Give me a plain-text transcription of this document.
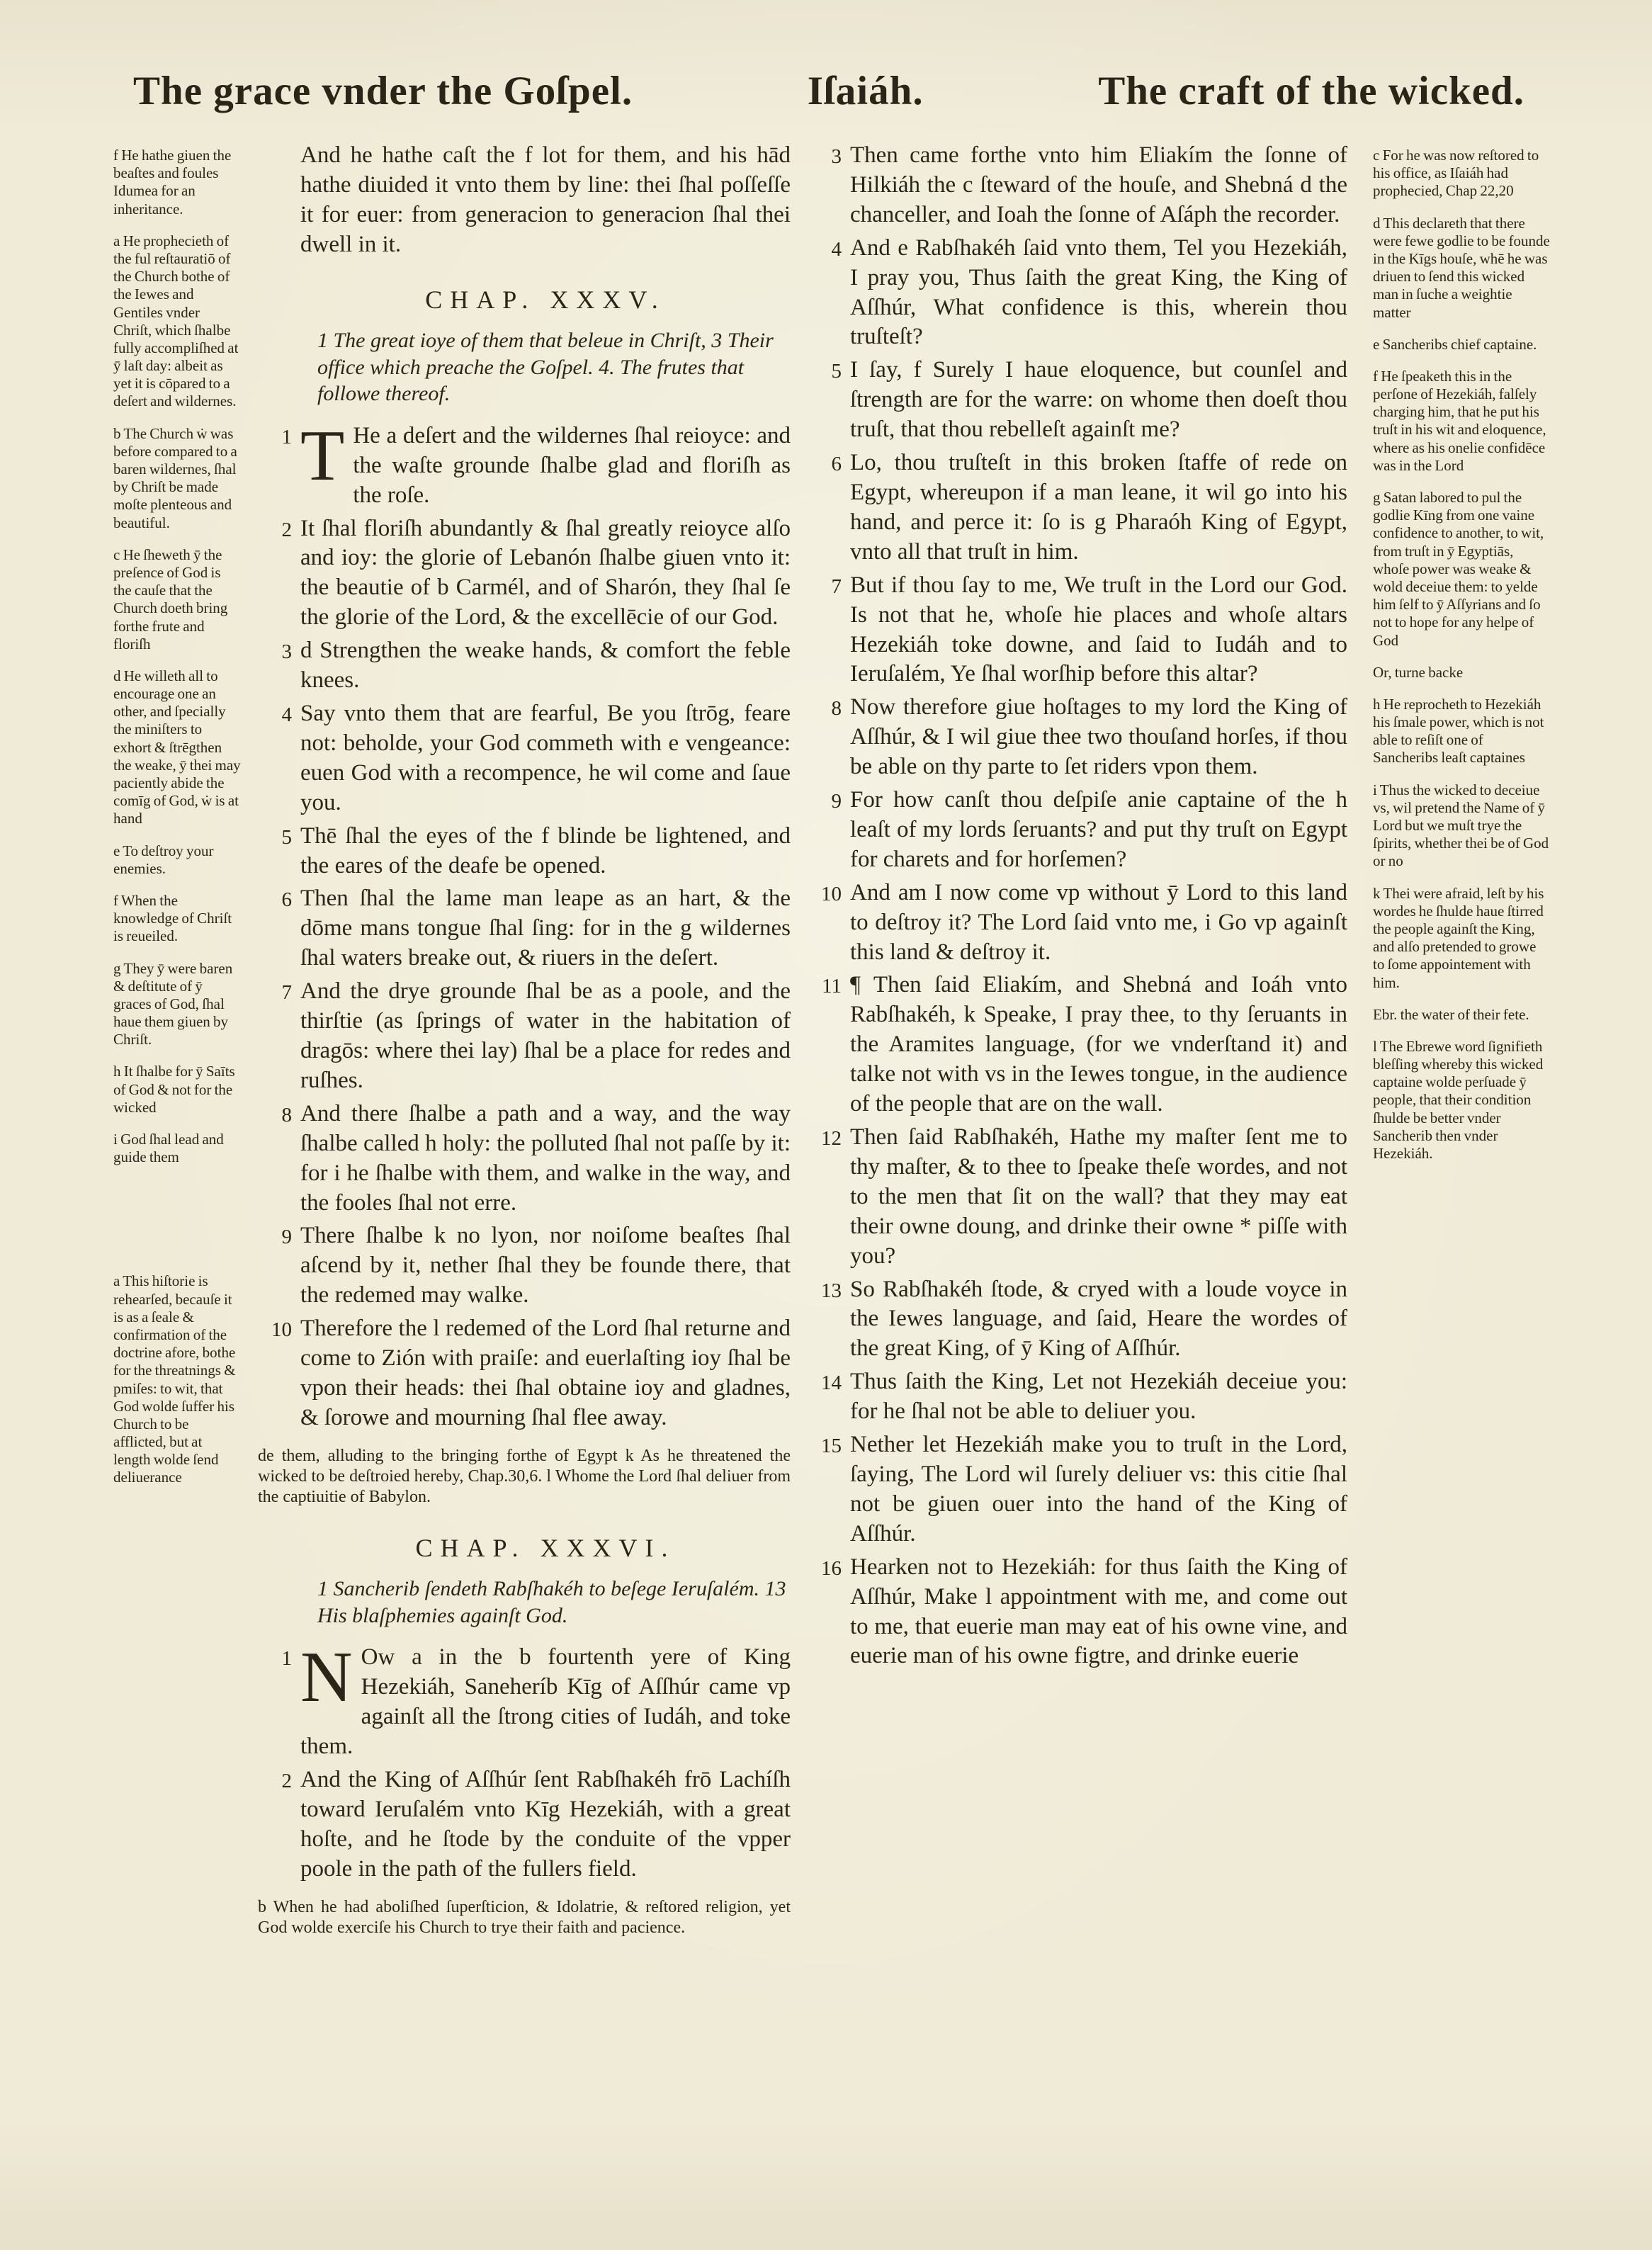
The grace vnder the Goſpel.	Iſaiáh.	The craft of the wicked.

f He hathe giuen the beaſtes and foules Idumea for an inheritance.

a He prophecieth of the ful reſtauratiō of the Church bothe of the Iewes and Gentiles vnder Chriſt, which ſhalbe fully accompliſhed at ȳ laſt day: albeit as yet it is cōpared to a deſert and wildernes.

b The Church ẇ was before compared to a baren wildernes, ſhal by Chriſt be made moſte plenteous and beautiful.

c He ſheweth ȳ the preſence of God is the cauſe that the Church doeth bring forthe frute and floriſh

d He willeth all to encourage one an other, and ſpecially the miniſters to exhort & ſtrēgthen the weake, ȳ thei may paciently abide the comīg of God, ẇ is at hand

e To deſtroy your enemies.

f When the knowledge of Chriſt is reueiled.

g They ȳ were baren & deſtitute of ȳ graces of God, ſhal haue them giuen by Chriſt.

h It ſhalbe for ȳ Saīts of God & not for the wicked

i God ſhal lead and guide them

a This hiſtorie is rehearſed, becauſe it is as a ſeale & confirmation of the doctrine afore, bothe for the threatnings & pmiſes: to wit, that God wolde ſuffer his Church to be afflicted, but at length wolde ſend deliuerance

And he hathe caſt the f lot for them, and his hād hathe diuided it vnto them by line: thei ſhal poſſeſſe it for euer: from generacion to generacion ſhal thei dwell in it.

CHAP. XXXV.

1 The great ioye of them that beleue in Chriſt, 3 Their office which preache the Goſpel. 4. The frutes that followe thereof.

1 T He a deſert and the wildernes ſhal reioyce: and the waſte grounde ſhalbe glad and floriſh as the roſe.

2 It ſhal floriſh abundantly & ſhal greatly reioyce alſo and ioy: the glorie of Lebanón ſhalbe giuen vnto it: the beautie of b Carmél, and of Sharón, they ſhal ſe the glorie of the Lord, & the excellēcie of our God.

3 d Strengthen the weake hands, & comfort the feble knees.

4 Say vnto them that are fearful, Be you ſtrōg, feare not: beholde, your God commeth with e vengeance: euen God with a recompence, he wil come and ſaue you.

5 Thē ſhal the eyes of the f blinde be lightened, and the eares of the deafe be opened.

6 Then ſhal the lame man leape as an hart, & the dōme mans tongue ſhal ſing: for in the g wildernes ſhal waters breake out, & riuers in the deſert.

7 And the drye grounde ſhal be as a poole, and the thirſtie (as ſprings of water in the habitation of dragōs: where thei lay) ſhal be a place for redes and ruſhes.

8 And there ſhalbe a path and a way, and the way ſhalbe called h holy: the polluted ſhal not paſſe by it: for i he ſhalbe with them, and walke in the way, and the fooles ſhal not erre.

9 There ſhalbe k no lyon, nor noiſome beaſtes ſhal aſcend by it, nether ſhal they be founde there, that the redemed may walke.

10 Therefore the l redemed of the Lord ſhal returne and come to Zión with praiſe: and euerlaſting ioy ſhal be vpon their heads: thei ſhal obtaine ioy and gladnes, & ſorowe and mourning ſhal flee away.

de them, alluding to the bringing forthe of Egypt k As he threatened the wicked to be deſtroied hereby, Chap.30,6. l Whome the Lord ſhal deliuer from the captiuitie of Babylon.

CHAP. XXXVI.

1 Sancherib ſendeth Rabſhakéh to beſege Ieruſalém. 13 His blaſphemies againſt God.

1 N Ow a in the b fourtenth yere of King Hezekiáh, Saneheríb Kīg of Aſſhúr came vp againſt all the ſtrong cities of Iudáh, and toke them.

2 And the King of Aſſhúr ſent Rabſhakéh frō Lachíſh toward Ieruſalém vnto Kīg Hezekiáh, with a great hoſte, and he ſtode by the conduite of the vpper poole in the path of the fullers field.

b When he had aboliſhed ſuperſticion, & Idolatrie, & reſtored religion, yet God wolde exerciſe his Church to trye their faith and pacience.

3 Then came forthe vnto him Eliakím the ſonne of Hilkiáh the c ſteward of the houſe, and Shebná d the chanceller, and Ioah the ſonne of Aſáph the recorder.

4 And e Rabſhakéh ſaid vnto them, Tel you Hezekiáh, I pray you, Thus ſaith the great King, the King of Aſſhúr, What confidence is this, wherein thou truſteſt?

5 I ſay, f Surely I haue eloquence, but counſel and ſtrength are for the warre: on whome then doeſt thou truſt, that thou rebelleſt againſt me?

6 Lo, thou truſteſt in this broken ſtaffe of rede on Egypt, whereupon if a man leane, it wil go into his hand, and perce it: ſo is g Pharaóh King of Egypt, vnto all that truſt in him.

7 But if thou ſay to me, We truſt in the Lord our God. Is not that he, whoſe hie places and whoſe altars Hezekiáh toke downe, and ſaid to Iudáh and to Ieruſalém, Ye ſhal worſhip before this altar?

8 Now therefore giue hoſtages to my lord the King of Aſſhúr, & I wil giue thee two thouſand horſes, if thou be able on thy parte to ſet riders vpon them.

9 For how canſt thou deſpiſe anie captaine of the h leaſt of my lords ſeruants? and put thy truſt on Egypt for charets and for horſemen?

10 And am I now come vp without ȳ Lord to this land to deſtroy it? The Lord ſaid vnto me, i Go vp againſt this land & deſtroy it.

11 ¶ Then ſaid Eliakím, and Shebná and Ioáh vnto Rabſhakéh, k Speake, I pray thee, to thy ſeruants in the Aramites language, (for we vnderſtand it) and talke not with vs in the Iewes tongue, in the audience of the people that are on the wall.

12 Then ſaid Rabſhakéh, Hathe my maſter ſent me to thy maſter, & to thee to ſpeake theſe wordes, and not to the men that ſit on the wall? that they may eat their owne doung, and drinke their owne * piſſe with you?

13 So Rabſhakéh ſtode, & cryed with a loude voyce in the Iewes language, and ſaid, Heare the wordes of the great King, of ȳ King of Aſſhúr.

14 Thus ſaith the King, Let not Hezekiáh deceiue you: for he ſhal not be able to deliuer you.

15 Nether let Hezekiáh make you to truſt in the Lord, ſaying, The Lord wil ſurely deliuer vs: this citie ſhal not be giuen ouer into the hand of the King of Aſſhúr.

16 Hearken not to Hezekiáh: for thus ſaith the King of Aſſhúr, Make l appointment with me, and come out to me, that euerie man may eat of his owne vine, and euerie man of his owne figtre, and drinke euerie

c For he was now reſtored to his office, as Iſaiáh had prophecied, Chap 22,20

d This declareth that there were fewe godlie to be founde in the Kīgs houſe, whē he was driuen to ſend this wicked man in ſuche a weightie matter

e Sancheribs chief captaine.

f He ſpeaketh this in the perſone of Hezekiáh, falſely charging him, that he put his truſt in his wit and eloquence, where as his onelie confidēce was in the Lord

g Satan labored to pul the godlie Kīng from one vaine confidence to another, to wit, from truſt in ȳ Egyptiās, whoſe power was weake & wold deceiue them: to yelde him ſelf to ȳ Aſſyrians and ſo not to hope for any helpe of God

Or, turne backe

h He reprocheth to Hezekiáh his ſmale power, which is not able to reſiſt one of Sancheribs leaſt captaines

i Thus the wicked to deceiue vs, wil pretend the Name of ȳ Lord but we muſt trye the ſpirits, whether thei be of God or no

k Thei were afraid, leſt by his wordes he ſhulde haue ſtirred the people againſt the King, and alſo pretended to growe to ſome appointement with him.

Ebr. the water of their fete.

l The Ebrewe word ſignifieth bleſſing whereby this wicked captaine wolde perſuade ȳ people, that their condition ſhulde be better vnder Sancherib then vnder Hezekiáh.
